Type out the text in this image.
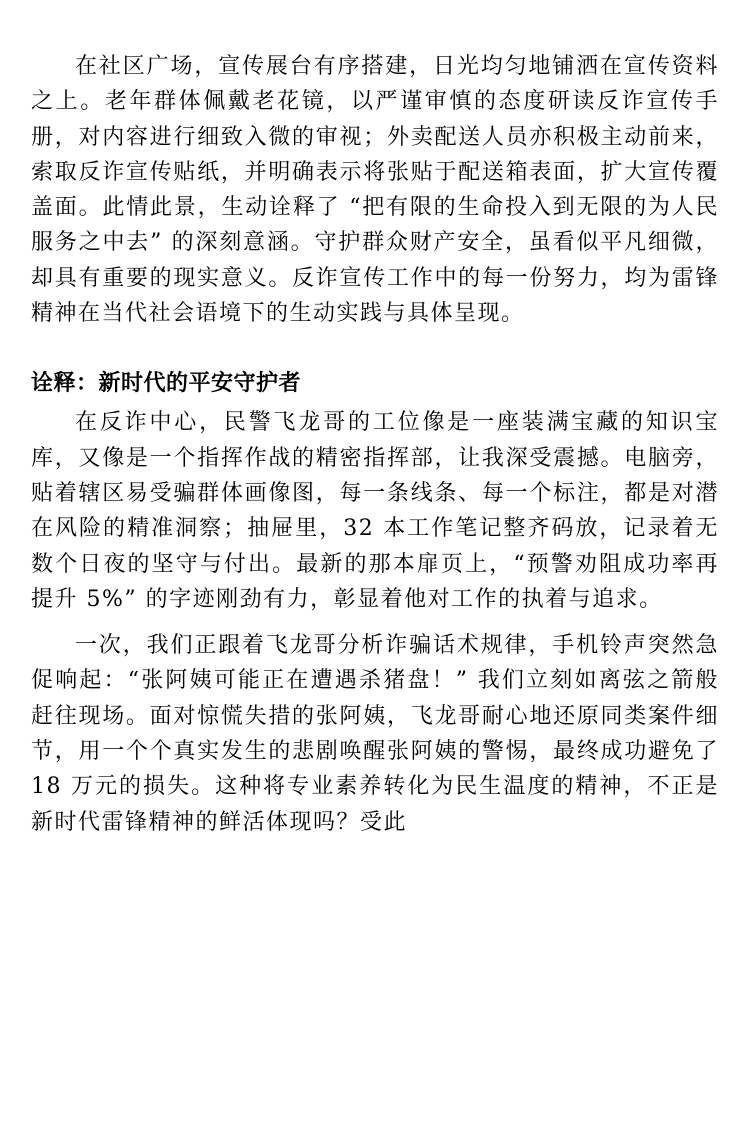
在社区广场，宣传展台有序搭建，日光均匀地铺洒在宣传资料之上。老年群体佩戴老花镜，以严谨审慎的态度研读反诈宣传手册，对内容进行细致入微的审视；外卖配送人员亦积极主动前来，索取反诈宣传贴纸，并明确表示将张贴于配送箱表面，扩大宣传覆盖面。此情此景，生动诠释了 “把有限的生命投入到无限的为人民服务之中去” 的深刻意涵。守护群众财产安全，虽看似平凡细微，却具有重要的现实意义。反诈宣传工作中的每一份努力，均为雷锋精神在当代社会语境下的生动实践与具体呈现。

诠释：新时代的平安守护者

在反诈中心，民警飞龙哥的工位像是一座装满宝藏的知识宝库，又像是一个指挥作战的精密指挥部，让我深受震撼。电脑旁，贴着辖区易受骗群体画像图，每一条线条、每一个标注，都是对潜在风险的精准洞察；抽屉里，32 本工作笔记整齐码放，记录着无数个日夜的坚守与付出。最新的那本扉页上，“预警劝阻成功率再提升 5%” 的字迹刚劲有力，彰显着他对工作的执着与追求。

一次，我们正跟着飞龙哥分析诈骗话术规律，手机铃声突然急促响起：“张阿姨可能正在遭遇杀猪盘！” 我们立刻如离弦之箭般赶往现场。面对惊慌失措的张阿姨，飞龙哥耐心地还原同类案件细节，用一个个真实发生的悲剧唤醒张阿姨的警惕，最终成功避免了 18 万元的损失。这种将专业素养转化为民生温度的精神，不正是新时代雷锋精神的鲜活体现吗？受此
